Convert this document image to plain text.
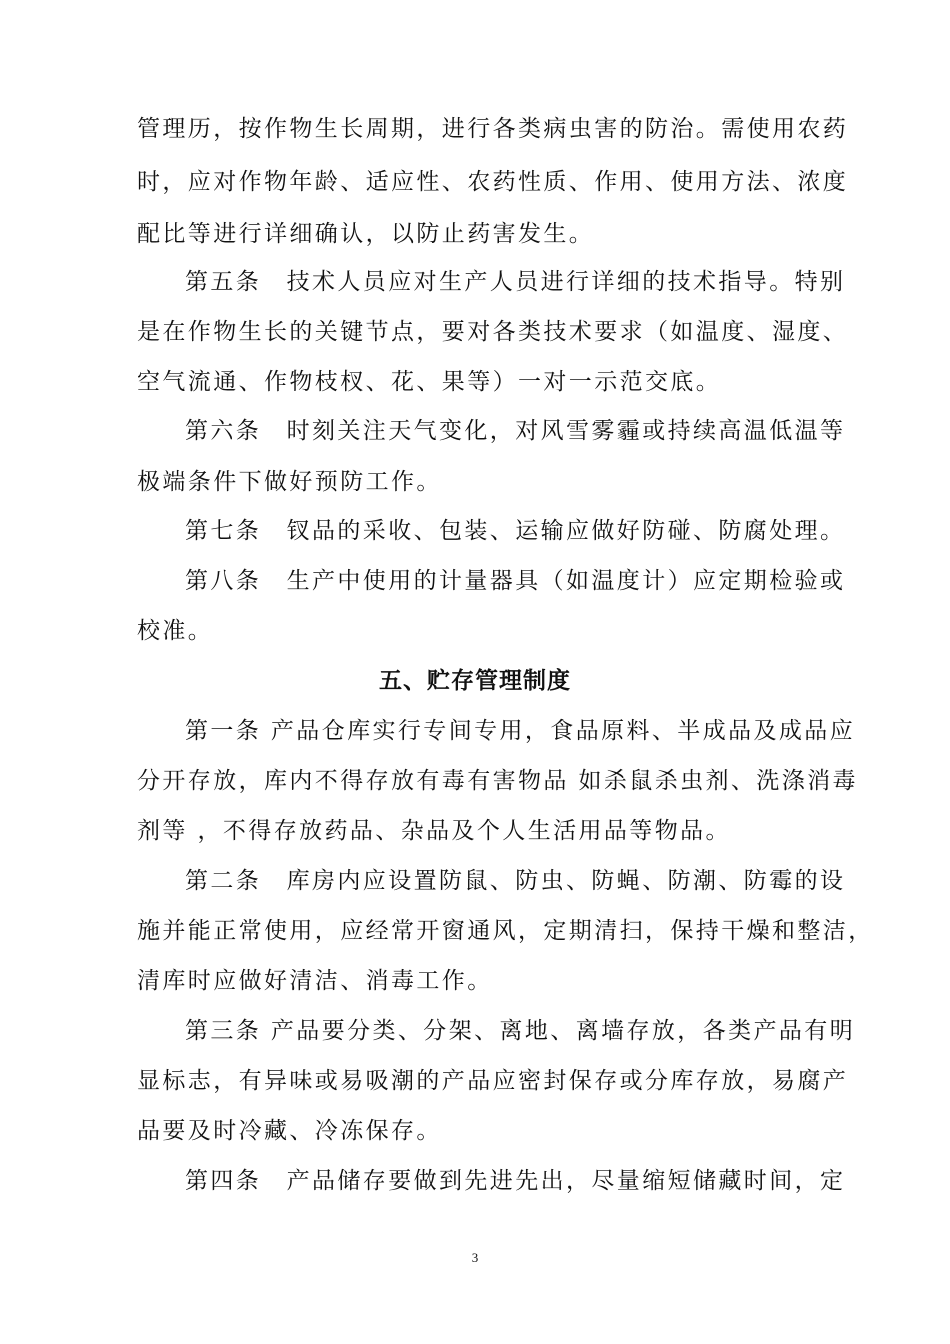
管理历，按作物生长周期，进行各类病虫害的防治。需使用农药
时，应对作物年龄、适应性、农药性质、作用、使用方法、浓度
配比等进行详细确认，以防止药害发生。
第五条　技术人员应对生产人员进行详细的技术指导。特别
是在作物生长的关键节点，要对各类技术要求（如温度、湿度、
空气流通、作物枝杈、花、果等）一对一示范交底。
第六条　时刻关注天气变化，对风雪雾霾或持续高温低温等
极端条件下做好预防工作。
第七条　钗品的采收、包装、运输应做好防碰、防腐处理。
第八条　生产中使用的计量器具（如温度计）应定期检验或
校准。
五、贮存管理制度
第一条 产品仓库实行专间专用，食品原料、半成品及成品应
分开存放，库内不得存放有毒有害物品 如杀鼠杀虫剂、洗涤消毒
剂等 ，不得存放药品、杂品及个人生活用品等物品。
第二条　库房内应设置防鼠、防虫、防蝇、防潮、防霉的设
施并能正常使用，应经常开窗通风，定期清扫，保持干燥和整洁，
清库时应做好清洁、消毒工作。
第三条 产品要分类、分架、离地、离墙存放，各类产品有明
显标志，有异味或易吸潮的产品应密封保存或分库存放，易腐产
品要及时冷藏、冷冻保存。
第四条　产品储存要做到先进先出，尽量缩短储藏时间，定
3
